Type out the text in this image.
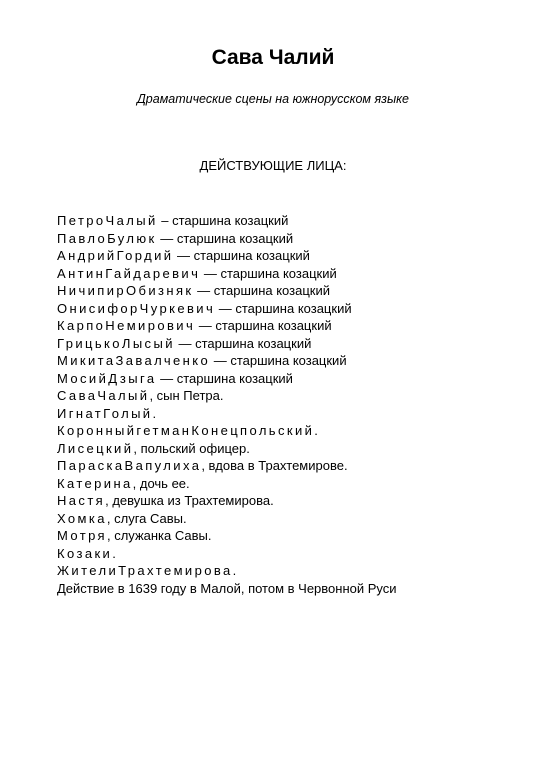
Сава Чалий
Драматические сцены на южнорусском языке
ДЕЙСТВУЮЩИЕ ЛИЦА:
ПетроЧалый – старшина козацкий
ПавлоБулюк — старшина козацкий
АндрийГордий — старшина козацкий
АнтинГайдаревич — старшина козацкий
НичипирОбизняк — старшина козацкий
ОнисифорЧуркевич — старшина козацкий
КарпоНемирович — старшина козацкий
ГрицькоЛысый — старшина козацкий
МикитаЗавалченко — старшина козацкий
МосийДзыга — старшина козацкий
СаваЧалый, сын Петра.
ИгнатГолый.
КоронныйгетманКонецпольский.
Лисецкий, польский офицер.
ПараскаВапулиха, вдова в Трахтемирове.
Катерина, дочь ее.
Настя, девушка из Трахтемирова.
Хомка, слуга Савы.
Мотря, служанка Савы.
Козаки.
ЖителиТрахтемирова.
Действие в 1639 году в Малой, потом в Червонной Руси
